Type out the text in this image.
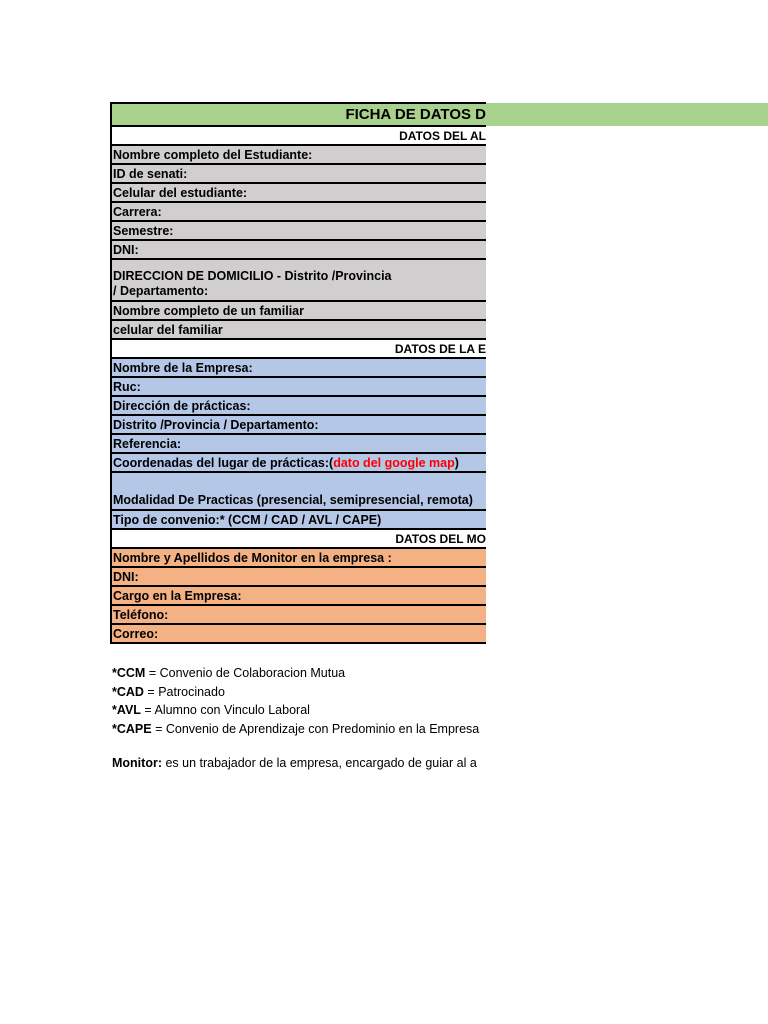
FICHA DE DATOS D
DATOS DEL AL
Nombre completo del Estudiante:
ID de senati:
Celular del estudiante:
Carrera:
Semestre:
DNI:
DIRECCION DE DOMICILIO - Distrito /Provincia / Departamento:
Nombre completo de un familiar
celular del familiar
DATOS DE LA E
Nombre de la Empresa:
Ruc:
Dirección de prácticas:
Distrito /Provincia / Departamento:
Referencia:
Coordenadas del lugar de prácticas:( dato del google map )
Modalidad De Practicas (presencial, semipresencial, remota)
Tipo de convenio:* (CCM / CAD / AVL / CAPE)
DATOS DEL MO
Nombre y Apellidos de Monitor en la empresa :
DNI:
Cargo en la Empresa:
Teléfono:
Correo:
*CCM = Convenio de Colaboracion Mutua
*CAD = Patrocinado
*AVL = Alumno con Vinculo Laboral
*CAPE = Convenio de Aprendizaje con Predominio en la Empresa
Monitor: es un trabajador de la empresa, encargado de guiar al a
